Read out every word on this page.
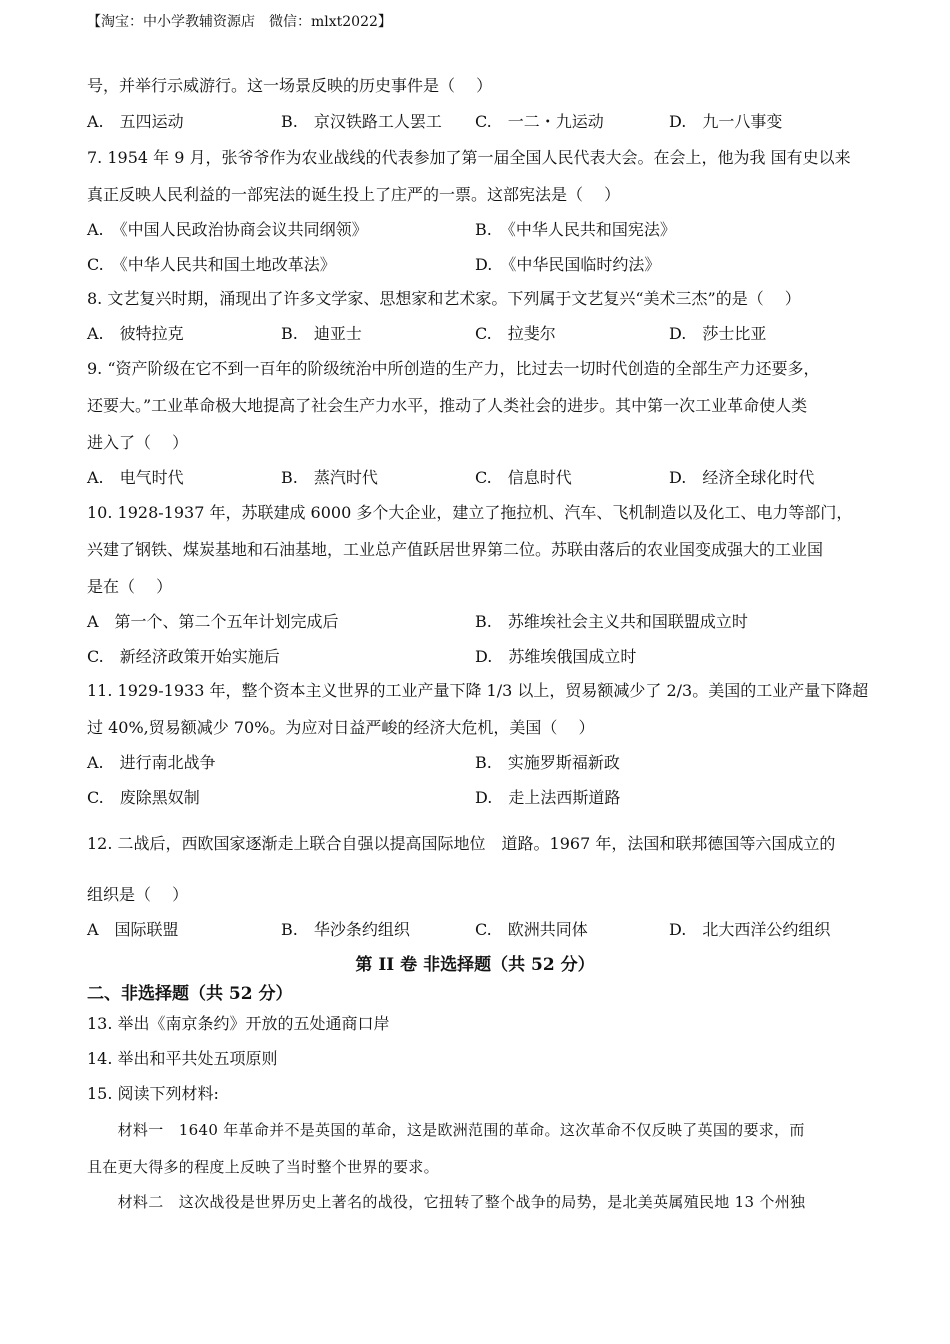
【淘宝：中小学教辅资源店　微信：mlxt2022】
号，并举行示威游行。这一场景反映的历史事件是（　 ）
A.　五四运动	B.　京汉铁路工人罢工 C.　一二・九运动	D.　九一八事变
7. 1954 年 9 月，张爷爷作为农业战线的代表参加了第一届全国人民代表大会。在会上，他为我 国有史以来
真正反映人民利益的一部宪法的诞生投上了庄严的一票。这部宪法是（　 ）
A.　《中国人民政治协商会议共同纲领》	B.　《中华人民共和国宪法》
C.　《中华人民共和国土地改革法》	D.　《中华民国临时约法》
8. 文艺复兴时期，涌现出了许多文学家、思想家和艺术家。下列属于文艺复兴“美术三杰”的是（　 ）
A.　彼特拉克	B.　迪亚士	C.　拉斐尔	D.　莎士比亚
9. “资产阶级在它不到一百年的阶级统治中所创造的生产力，比过去一切时代创造的全部生产力还要多，
还要大。”工业革命极大地提高了社会生产力水平，推动了人类社会的进步。其中第一次工业革命使人类
进入了（　 ）
A.　电气时代	B.　蒸汽时代	C.　信息时代	D.　经济全球化时代
10. 1928-1937 年，苏联建成 6000 多个大企业，建立了拖拉机、汽车、飞机制造以及化工、电力等部门，
兴建了钢铁、煤炭基地和石油基地，工业总产值跃居世界第二位。苏联由落后的农业国变成强大的工业国
是在（　 ）
A　第一个、第二个五年计划完成后	B.　苏维埃社会主义共和国联盟成立时
C.　新经济政策开始实施后	D.　苏维埃俄国成立时
11. 1929-1933 年，整个资本主义世界的工业产量下降 1/3 以上，贸易额减少了 2/3。美国的工业产量下降超
过 40%,贸易额减少 70%。为应对日益严峻的经济大危机，美国（　 ）
A.　进行南北战争	B.　实施罗斯福新政
C.　废除黑奴制	D.　走上法西斯道路
12. 二战后，西欧国家逐渐走上联合自强以提高国际地位　道路。1967 年，法国和联邦德国等六国成立的
组织是（　 ）
A　国际联盟	B.　华沙条约组织	C.　欧洲共同体	D.　北大西洋公约组织
第 II 卷 非选择题（共 52 分）
二、非选择题（共 52 分）
13. 举出《南京条约》开放的五处通商口岸
14. 举出和平共处五项原则
15. 阅读下列材料:
　　材料一　1640 年革命并不是英国的革命，这是欧洲范围的革命。这次革命不仅反映了英国的要求，而
且在更大得多的程度上反映了当时整个世界的要求。
　　材料二　这次战役是世界历史上著名的战役，它扭转了整个战争的局势，是北美英属殖民地 13 个州独
